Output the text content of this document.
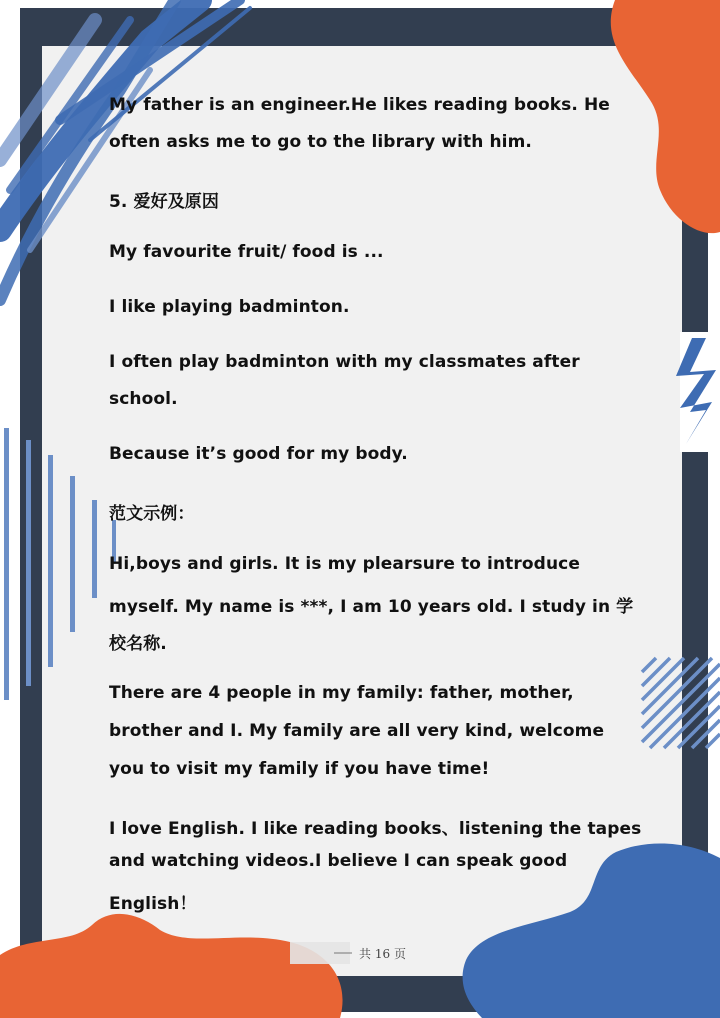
My father is an engineer.He likes reading books. He
often asks me to go to the library with him.
5. 爱好及原因
My favourite fruit/ food is ...
I like playing badminton.
I often play badminton with my classmates after
school.
Because it’s good for my body.
范文示例：
Hi,boys and girls. It is my plearsure to introduce
myself. My name is ***, I am 10 years old. I study in 学
校名称.
There are 4 people in my family: father, mother,
brother and I. My family are all very kind, welcome
you to visit my family if you have time!
I love English. I like reading books、listening the tapes
and watching videos.I believe I can speak good
English！
共 16 页
